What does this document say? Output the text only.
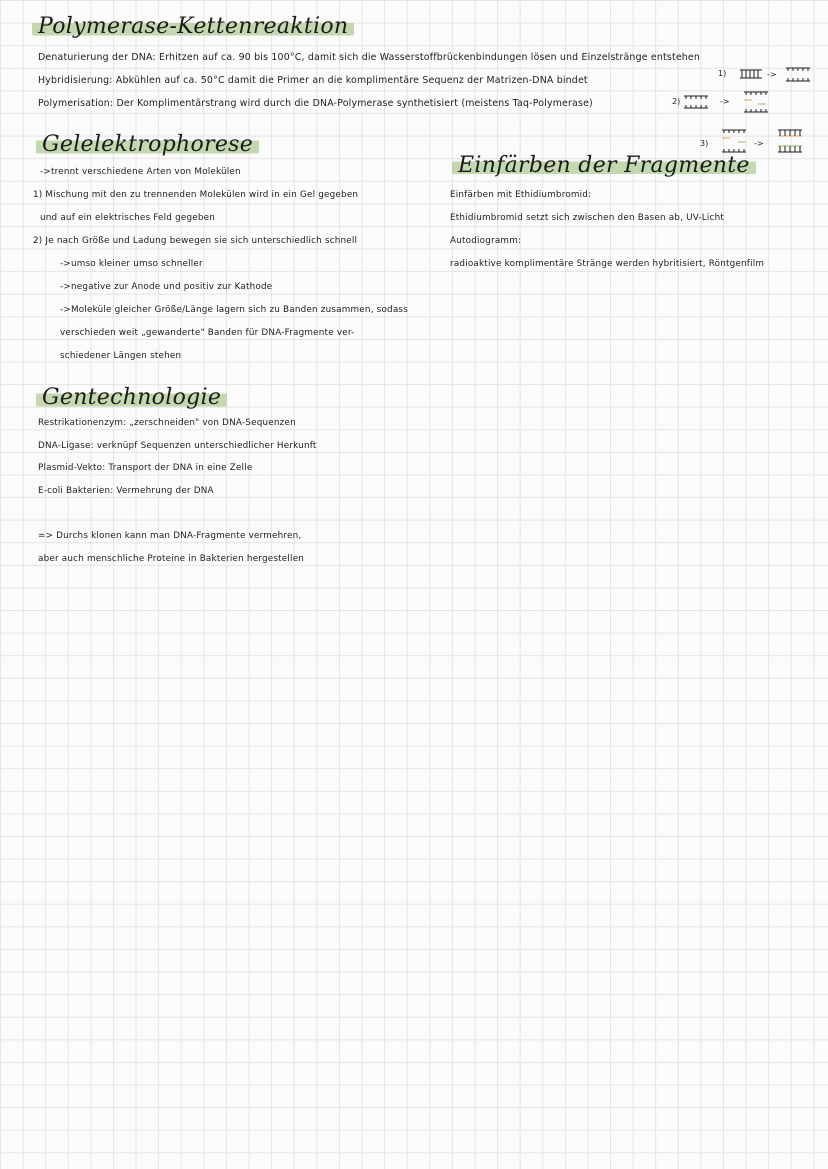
Polymerase-Kettenreaktion
Denaturierung der DNA: Erhitzen auf ca. 90 bis 100°C, damit sich die Wasserstoffbrückenbindungen lösen und Einzelstränge entstehen
Hybridisierung: Abkühlen auf ca. 50°C damit die Primer an die komplimentäre Sequenz der Matrizen-DNA bindet
Polymerisation: Der Komplimentärstrang wird durch die DNA-Polymerase synthetisiert (meistens Taq-Polymerase)
1)	->
2)	->
3)	->
Gelelektrophorese
->trennt verschiedene Arten von Molekülen
1) Mischung mit den zu trennenden Molekülen wird in ein Gel gegeben
und auf ein elektrisches Feld gegeben
2) Je nach Größe und Ladung bewegen sie sich unterschiedlich schnell
->umso kleiner umso schneller
->negative zur Anode und positiv zur Kathode
->Moleküle gleicher Größe/Länge lagern sich zu Banden zusammen, sodass
verschieden weit „gewanderte" Banden für DNA-Fragmente ver-
schiedener Längen stehen
Einfärben der Fragmente
Einfärben mit Ethidiumbromid:
Ethidiumbromid setzt sich zwischen den Basen ab, UV-Licht
Autodiogramm:
radioaktive komplimentäre Stränge werden hybritisiert, Röntgenfilm
Gentechnologie
Restrikationenzym: „zerschneiden" von DNA-Sequenzen
DNA-Ligase: verknüpf Sequenzen unterschiedlicher Herkunft
Plasmid-Vekto: Transport der DNA in eine Zelle
E-coli Bakterien: Vermehrung der DNA
=> Durchs klonen kann man DNA-Fragmente vermehren,
aber auch menschliche Proteine in Bakterien hergestellen
